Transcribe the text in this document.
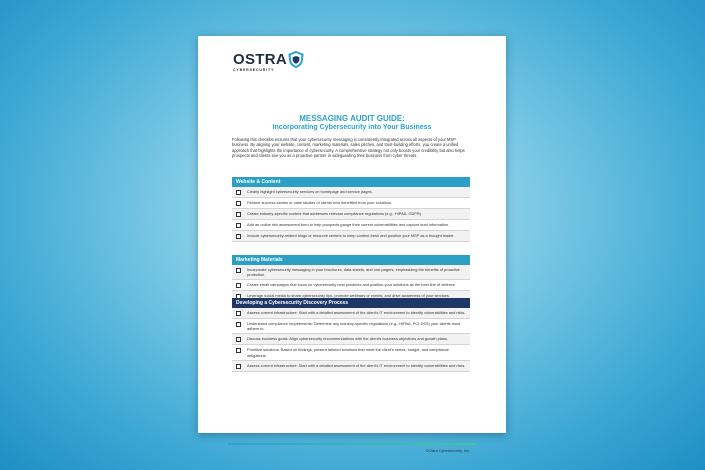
OSTRA
CYBERSECURITY
MESSAGING AUDIT GUIDE:
Incorporating Cybersecurity into Your Business
Following this checklist ensures that your cybersecurity messaging is consistently integrated across all aspects of your MSP business. By aligning your website, content, marketing materials, sales pitches, and trust-building efforts, you create a unified approach that highlights the importance of cybersecurity. A comprehensive strategy not only boosts your credibility but also helps prospects and clients see you as a proactive partner in safeguarding their business from cyber threats.
Website & Content
Clearly highlight cybersecurity services on homepage and service pages.
Feature success stories or case studies of clients who benefited from your solutions.
Create industry-specific content that addresses relevant compliance regulations (e.g., HIPAA, GDPR).
Add an online risk assessment form to help prospects gauge their current vulnerabilities and capture lead information.
Include cybersecurity-related blogs or resource centers to keep content fresh and position your MSP as a thought leader.
Marketing Materials
Incorporate cybersecurity messaging in your brochures, data sheets, and one-pagers, emphasizing the benefits of proactive protection.
Create email campaigns that focus on cybersecurity best practices and position your solutions as the best line of defence.
Leverage social media to share cybersecurity tips, promote webinars or events, and drive awareness of your services.
Developing a Cybersecurity Discovery Process
Assess current infrastructure: Start with a detailed assessment of the client's IT environment to identify vulnerabilities and risks.
Understand compliance requirements: Determine any industry-specific regulations (e.g., HIPAA, PCI-DSS) your clients must adhere to.
Discuss business goals: Align cybersecurity recommendations with the client's business objectives and growth plans.
Prioritize solutions: Based on findings, present tailored solutions that meet the client's needs, budget, and compliance obligations.
Assess current infrastructure: Start with a detailed assessment of the client's IT environment to identify vulnerabilities and risks.
©Ostra Cybersecurity, Inc.
